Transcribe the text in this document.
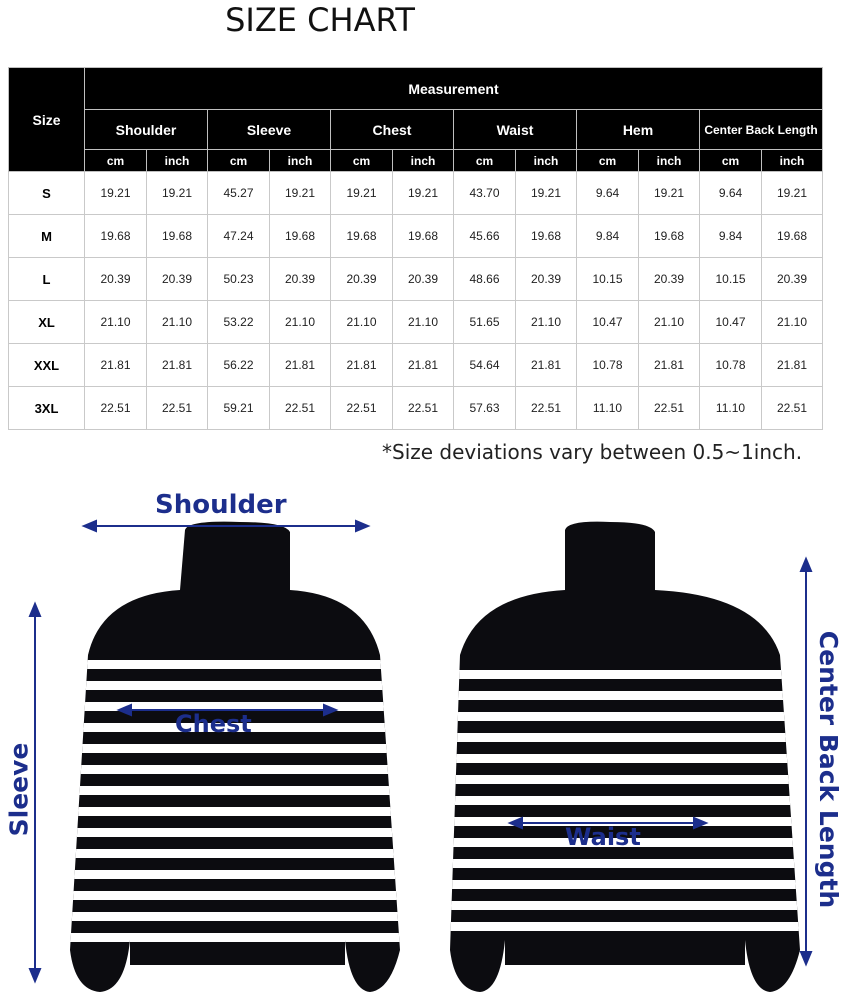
SIZE CHART
Size	Measurement											
	Shoulder		Sleeve		Chest		Waist		Hem		Center Back Length	
	cm	inch	cm	inch	cm	inch	cm	inch	cm	inch	cm	inch
S	19.21	19.21	45.27	19.21	19.21	19.21	43.70	19.21	9.64	19.21	9.64	19.21
M	19.68	19.68	47.24	19.68	19.68	19.68	45.66	19.68	9.84	19.68	9.84	19.68
L	20.39	20.39	50.23	20.39	20.39	20.39	48.66	20.39	10.15	20.39	10.15	20.39
XL	21.10	21.10	53.22	21.10	21.10	21.10	51.65	21.10	10.47	21.10	10.47	21.10
XXL	21.81	21.81	56.22	21.81	21.81	21.81	54.64	21.81	10.78	21.81	10.78	21.81
3XL	22.51	22.51	59.21	22.51	22.51	22.51	57.63	22.51	11.10	22.51	11.10	22.51
*Size deviations vary between 0.5~1inch.
Shoulder
Sleeve	Center Back Length
Chest
Waist
